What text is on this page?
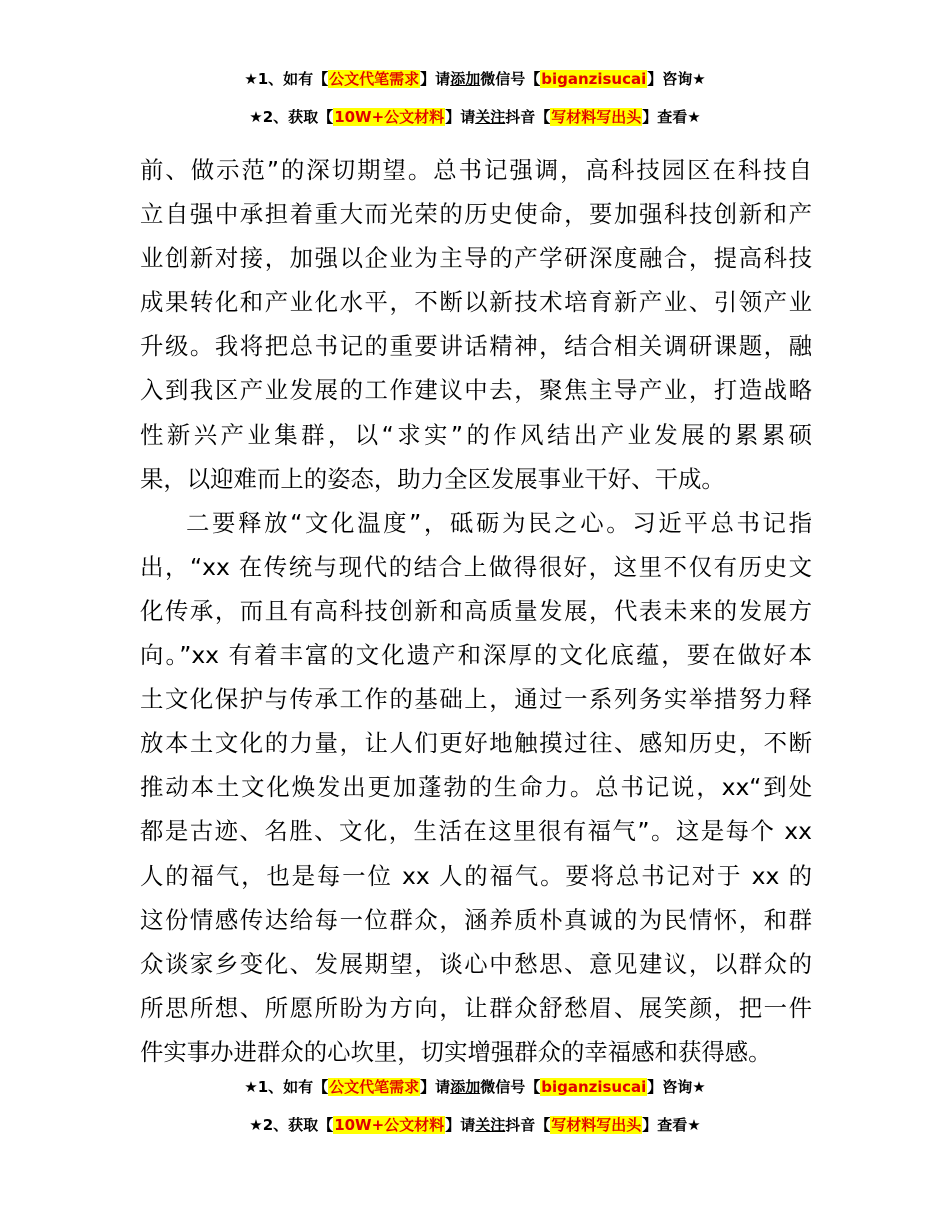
★1、如有【公文代笔需求】请添加微信号【biganzisucai】咨询★
★2、获取【10W+公文材料】请关注抖音【写材料写出头】查看★
前、做示范”的深切期望。总书记强调，高科技园区在科技自
立自强中承担着重大而光荣的历史使命，要加强科技创新和产
业创新对接，加强以企业为主导的产学研深度融合，提高科技
成果转化和产业化水平，不断以新技术培育新产业、引领产业
升级。我将把总书记的重要讲话精神，结合相关调研课题，融
入到我区产业发展的工作建议中去，聚焦主导产业，打造战略
性新兴产业集群，以“求实”的作风结出产业发展的累累硕
果，以迎难而上的姿态，助力全区发展事业干好、干成。
二要释放“文化温度”，砥砺为民之心。习近平总书记指
出，“xx 在传统与现代的结合上做得很好，这里不仅有历史文
化传承，而且有高科技创新和高质量发展，代表未来的发展方
向。”xx 有着丰富的文化遗产和深厚的文化底蕴，要在做好本
土文化保护与传承工作的基础上，通过一系列务实举措努力释
放本土文化的力量，让人们更好地触摸过往、感知历史，不断
推动本土文化焕发出更加蓬勃的生命力。总书记说，xx“到处
都是古迹、名胜、文化，生活在这里很有福气”。这是每个 xx
人的福气，也是每一位 xx 人的福气。要将总书记对于 xx 的
这份情感传达给每一位群众，涵养质朴真诚的为民情怀，和群
众谈家乡变化、发展期望，谈心中愁思、意见建议，以群众的
所思所想、所愿所盼为方向，让群众舒愁眉、展笑颜，把一件
件实事办进群众的心坎里，切实增强群众的幸福感和获得感。
★1、如有【公文代笔需求】请添加微信号【biganzisucai】咨询★
★2、获取【10W+公文材料】请关注抖音【写材料写出头】查看★
